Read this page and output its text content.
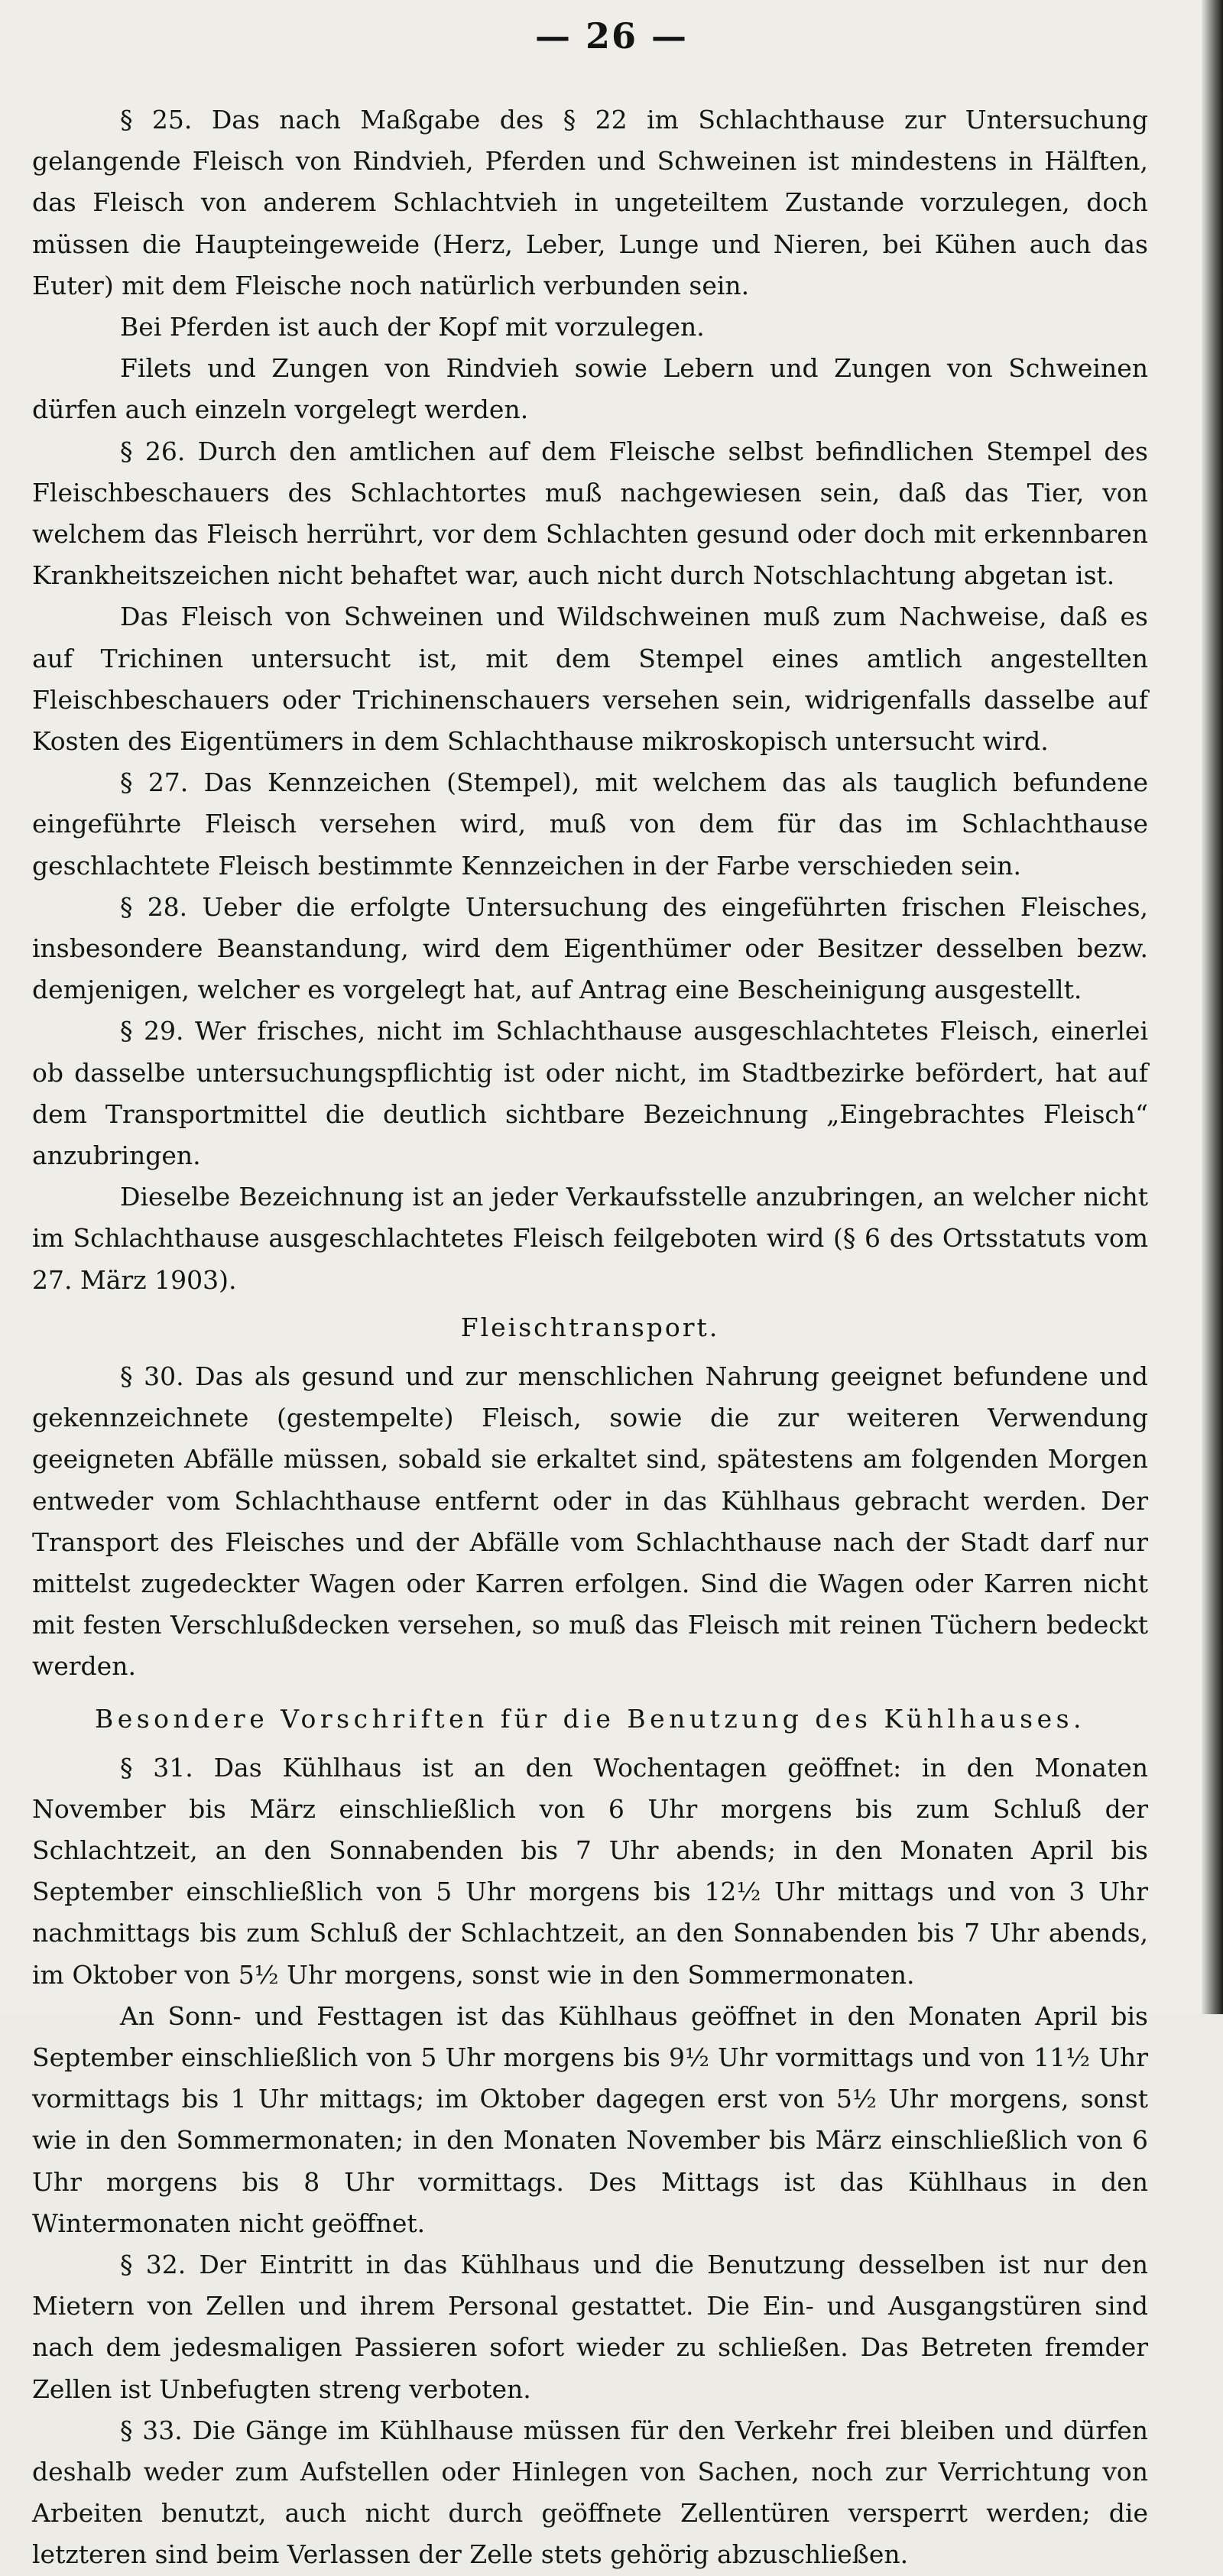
— 26 —

§ 25. Das nach Maßgabe des § 22 im Schlachthause zur Untersuchung gelangende Fleisch von Rindvieh, Pferden und Schweinen ist mindestens in Hälften, das Fleisch von anderem Schlachtvieh in ungeteiltem Zustande vorzulegen, doch müssen die Haupteingeweide (Herz, Leber, Lunge und Nieren, bei Kühen auch das Euter) mit dem Fleische noch natürlich verbunden sein.

Bei Pferden ist auch der Kopf mit vorzulegen.

Filets und Zungen von Rindvieh sowie Lebern und Zungen von Schweinen dürfen auch einzeln vorgelegt werden.

§ 26. Durch den amtlichen auf dem Fleische selbst befindlichen Stempel des Fleischbeschauers des Schlachtortes muß nachgewiesen sein, daß das Tier, von welchem das Fleisch herrührt, vor dem Schlachten gesund oder doch mit erkennbaren Krankheitszeichen nicht behaftet war, auch nicht durch Notschlachtung abgetan ist.

Das Fleisch von Schweinen und Wildschweinen muß zum Nachweise, daß es auf Trichinen untersucht ist, mit dem Stempel eines amtlich angestellten Fleischbeschauers oder Trichinenschauers versehen sein, widrigenfalls dasselbe auf Kosten des Eigentümers in dem Schlachthause mikroskopisch untersucht wird.

§ 27. Das Kennzeichen (Stempel), mit welchem das als tauglich befundene eingeführte Fleisch versehen wird, muß von dem für das im Schlachthause geschlachtete Fleisch bestimmte Kennzeichen in der Farbe verschieden sein.

§ 28. Ueber die erfolgte Untersuchung des eingeführten frischen Fleisches, insbesondere Beanstandung, wird dem Eigenthümer oder Besitzer desselben bezw. demjenigen, welcher es vorgelegt hat, auf Antrag eine Bescheinigung ausgestellt.

§ 29. Wer frisches, nicht im Schlachthause ausgeschlachtetes Fleisch, einerlei ob dasselbe untersuchungspflichtig ist oder nicht, im Stadtbezirke befördert, hat auf dem Transportmittel die deutlich sichtbare Bezeichnung „Eingebrachtes Fleisch“ anzubringen.

Dieselbe Bezeichnung ist an jeder Verkaufsstelle anzubringen, an welcher nicht im Schlachthause ausgeschlachtetes Fleisch feilgeboten wird (§ 6 des Ortsstatuts vom 27. März 1903).

Fleischtransport.

§ 30. Das als gesund und zur menschlichen Nahrung geeignet befundene und gekennzeichnete (gestempelte) Fleisch, sowie die zur weiteren Verwendung geeigneten Abfälle müssen, sobald sie erkaltet sind, spätestens am folgenden Morgen entweder vom Schlachthause entfernt oder in das Kühlhaus gebracht werden. Der Transport des Fleisches und der Abfälle vom Schlachthause nach der Stadt darf nur mittelst zugedeckter Wagen oder Karren erfolgen. Sind die Wagen oder Karren nicht mit festen Verschlußdecken versehen, so muß das Fleisch mit reinen Tüchern bedeckt werden.

Besondere Vorschriften für die Benutzung des Kühlhauses.

§ 31. Das Kühlhaus ist an den Wochentagen geöffnet: in den Monaten November bis März einschließlich von 6 Uhr morgens bis zum Schluß der Schlachtzeit, an den Sonnabenden bis 7 Uhr abends; in den Monaten April bis September einschließlich von 5 Uhr morgens bis 12½ Uhr mittags und von 3 Uhr nachmittags bis zum Schluß der Schlachtzeit, an den Sonnabenden bis 7 Uhr abends, im Oktober von 5½ Uhr morgens, sonst wie in den Sommermonaten.

An Sonn- und Festtagen ist das Kühlhaus geöffnet in den Monaten April bis September einschließlich von 5 Uhr morgens bis 9½ Uhr vormittags und von 11½ Uhr vormittags bis 1 Uhr mittags; im Oktober dagegen erst von 5½ Uhr morgens, sonst wie in den Sommermonaten; in den Monaten November bis März einschließlich von 6 Uhr morgens bis 8 Uhr vormittags. Des Mittags ist das Kühlhaus in den Wintermonaten nicht geöffnet.

§ 32. Der Eintritt in das Kühlhaus und die Benutzung desselben ist nur den Mietern von Zellen und ihrem Personal gestattet. Die Ein- und Ausgangstüren sind nach dem jedesmaligen Passieren sofort wieder zu schließen. Das Betreten fremder Zellen ist Unbefugten streng verboten.

§ 33. Die Gänge im Kühlhause müssen für den Verkehr frei bleiben und dürfen deshalb weder zum Aufstellen oder Hinlegen von Sachen, noch zur Verrichtung von Arbeiten benutzt, auch nicht durch geöffnete Zellentüren versperrt werden; die letzteren sind beim Verlassen der Zelle stets gehörig abzuschließen.
